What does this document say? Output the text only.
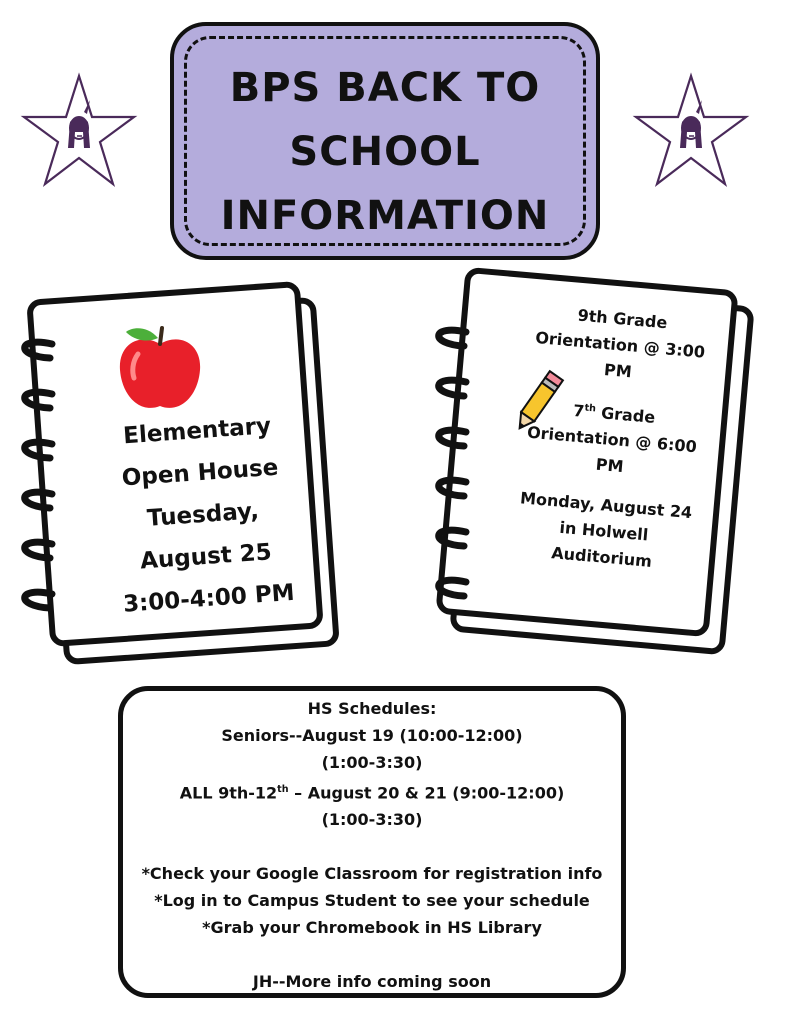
BPS BACK TO
SCHOOL
INFORMATION
Elementary
Open House
Tuesday,
August 25
3:00-4:00 PM
9th Grade
Orientation @ 3:00
PM
7th Grade
Orientation @ 6:00
PM
Monday, August 24
in Holwell
Auditorium
HS Schedules:
Seniors--August 19 (10:00-12:00)
(1:00-3:30)
ALL 9th-12th – August 20 & 21 (9:00-12:00)
(1:00-3:30)
*Check your Google Classroom for registration info
*Log in to Campus Student to see your schedule
*Grab your Chromebook in HS Library
JH--More info coming soon
